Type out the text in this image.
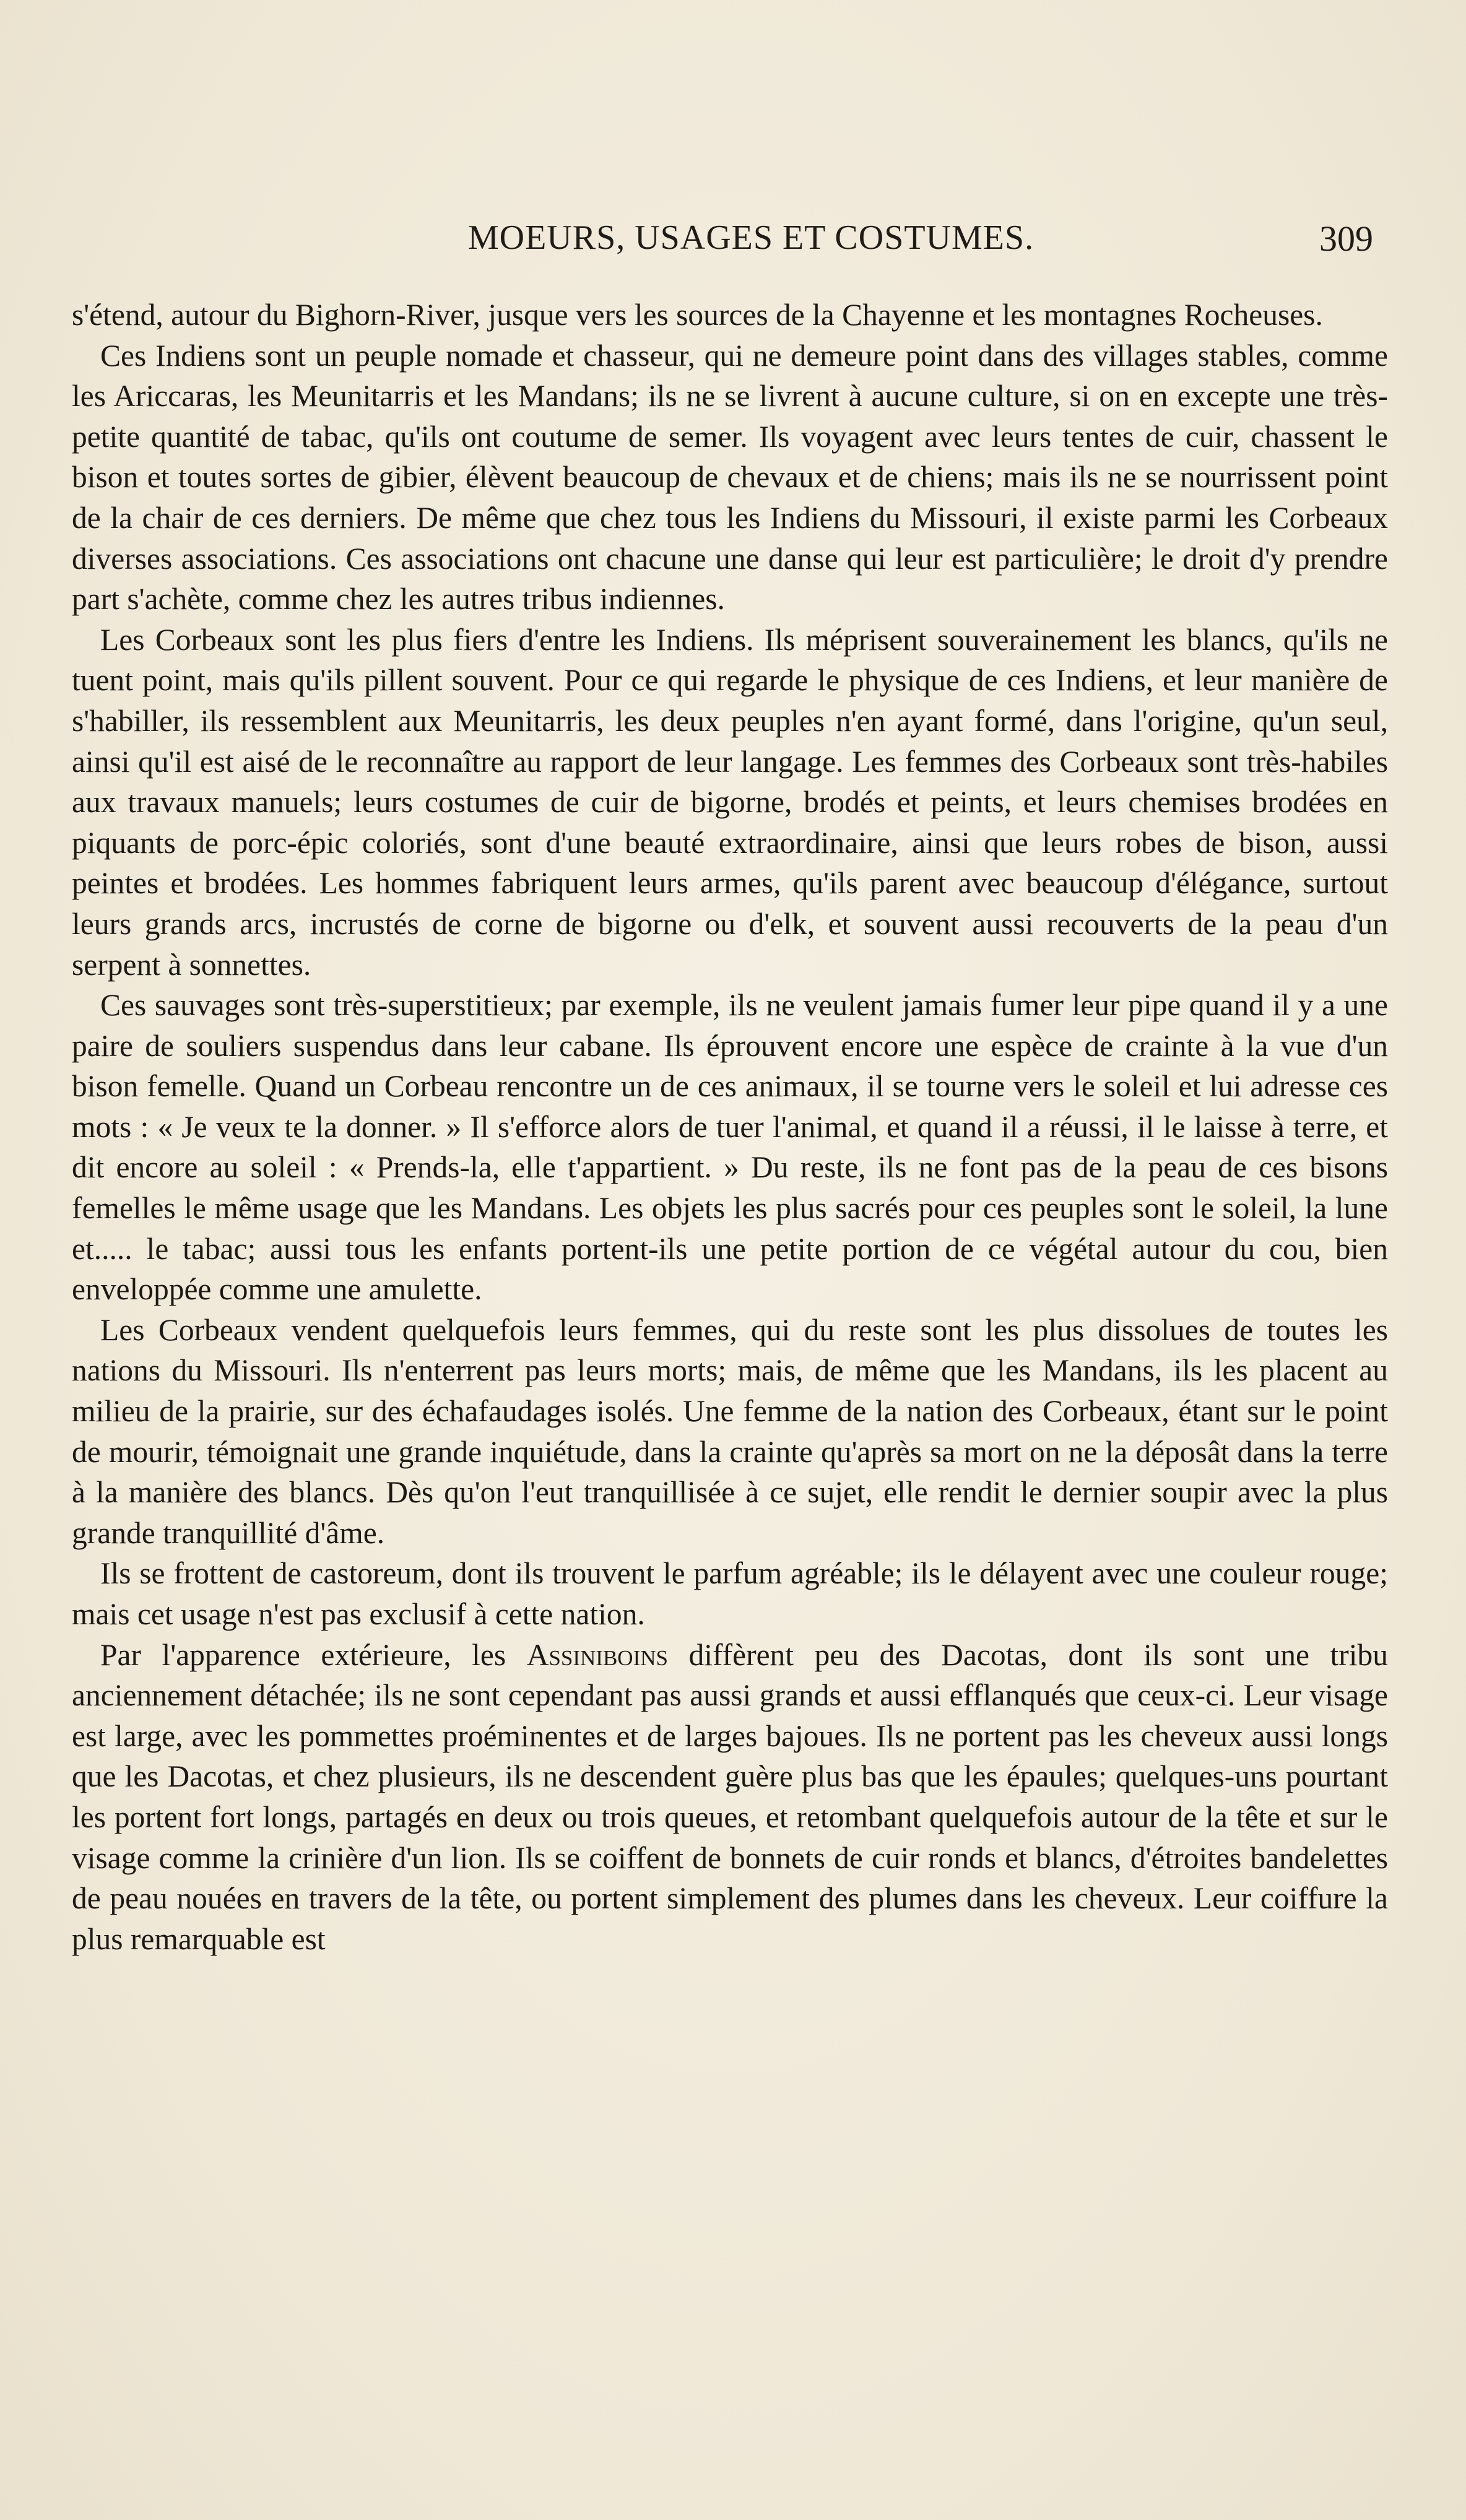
MOEURS, USAGES ET COSTUMES.	309

s'étend, autour du Bighorn-River, jusque vers les sources de la Chayenne et les montagnes Rocheuses.

Ces Indiens sont un peuple nomade et chasseur, qui ne demeure point dans des villages stables, comme les Ariccaras, les Meunitarris et les Mandans; ils ne se livrent à aucune culture, si on en excepte une très-petite quantité de tabac, qu'ils ont coutume de semer. Ils voyagent avec leurs tentes de cuir, chassent le bison et toutes sortes de gibier, élèvent beaucoup de chevaux et de chiens; mais ils ne se nourrissent point de la chair de ces derniers. De même que chez tous les Indiens du Missouri, il existe parmi les Corbeaux diverses associations. Ces associations ont chacune une danse qui leur est particulière; le droit d'y prendre part s'achète, comme chez les autres tribus indiennes.

Les Corbeaux sont les plus fiers d'entre les Indiens. Ils méprisent souverainement les blancs, qu'ils ne tuent point, mais qu'ils pillent souvent. Pour ce qui regarde le physique de ces Indiens, et leur manière de s'habiller, ils ressemblent aux Meunitarris, les deux peuples n'en ayant formé, dans l'origine, qu'un seul, ainsi qu'il est aisé de le reconnaître au rapport de leur langage. Les femmes des Corbeaux sont très-habiles aux travaux manuels; leurs costumes de cuir de bigorne, brodés et peints, et leurs chemises brodées en piquants de porc-épic coloriés, sont d'une beauté extraordinaire, ainsi que leurs robes de bison, aussi peintes et brodées. Les hommes fabriquent leurs armes, qu'ils parent avec beaucoup d'élégance, surtout leurs grands arcs, incrustés de corne de bigorne ou d'elk, et souvent aussi recouverts de la peau d'un serpent à sonnettes.

Ces sauvages sont très-superstitieux; par exemple, ils ne veulent jamais fumer leur pipe quand il y a une paire de souliers suspendus dans leur cabane. Ils éprouvent encore une espèce de crainte à la vue d'un bison femelle. Quand un Corbeau rencontre un de ces animaux, il se tourne vers le soleil et lui adresse ces mots : « Je veux te la donner. » Il s'efforce alors de tuer l'animal, et quand il a réussi, il le laisse à terre, et dit encore au soleil : « Prends-la, elle t'appartient. » Du reste, ils ne font pas de la peau de ces bisons femelles le même usage que les Mandans. Les objets les plus sacrés pour ces peuples sont le soleil, la lune et..... le tabac; aussi tous les enfants portent-ils une petite portion de ce végétal autour du cou, bien enveloppée comme une amulette.

Les Corbeaux vendent quelquefois leurs femmes, qui du reste sont les plus dissolues de toutes les nations du Missouri. Ils n'enterrent pas leurs morts; mais, de même que les Mandans, ils les placent au milieu de la prairie, sur des échafaudages isolés. Une femme de la nation des Corbeaux, étant sur le point de mourir, témoignait une grande inquiétude, dans la crainte qu'après sa mort on ne la déposât dans la terre à la manière des blancs. Dès qu'on l'eut tranquillisée à ce sujet, elle rendit le dernier soupir avec la plus grande tranquillité d'âme.

Ils se frottent de castoreum, dont ils trouvent le parfum agréable; ils le délayent avec une couleur rouge; mais cet usage n'est pas exclusif à cette nation.

Par l'apparence extérieure, les Assiniboins diffèrent peu des Dacotas, dont ils sont une tribu anciennement détachée; ils ne sont cependant pas aussi grands et aussi efflanqués que ceux-ci. Leur visage est large, avec les pommettes proéminentes et de larges bajoues. Ils ne portent pas les cheveux aussi longs que les Dacotas, et chez plusieurs, ils ne descendent guère plus bas que les épaules; quelques-uns pourtant les portent fort longs, partagés en deux ou trois queues, et retombant quelquefois autour de la tête et sur le visage comme la crinière d'un lion. Ils se coiffent de bonnets de cuir ronds et blancs, d'étroites bandelettes de peau nouées en travers de la tête, ou portent simplement des plumes dans les cheveux. Leur coiffure la plus remarquable est
